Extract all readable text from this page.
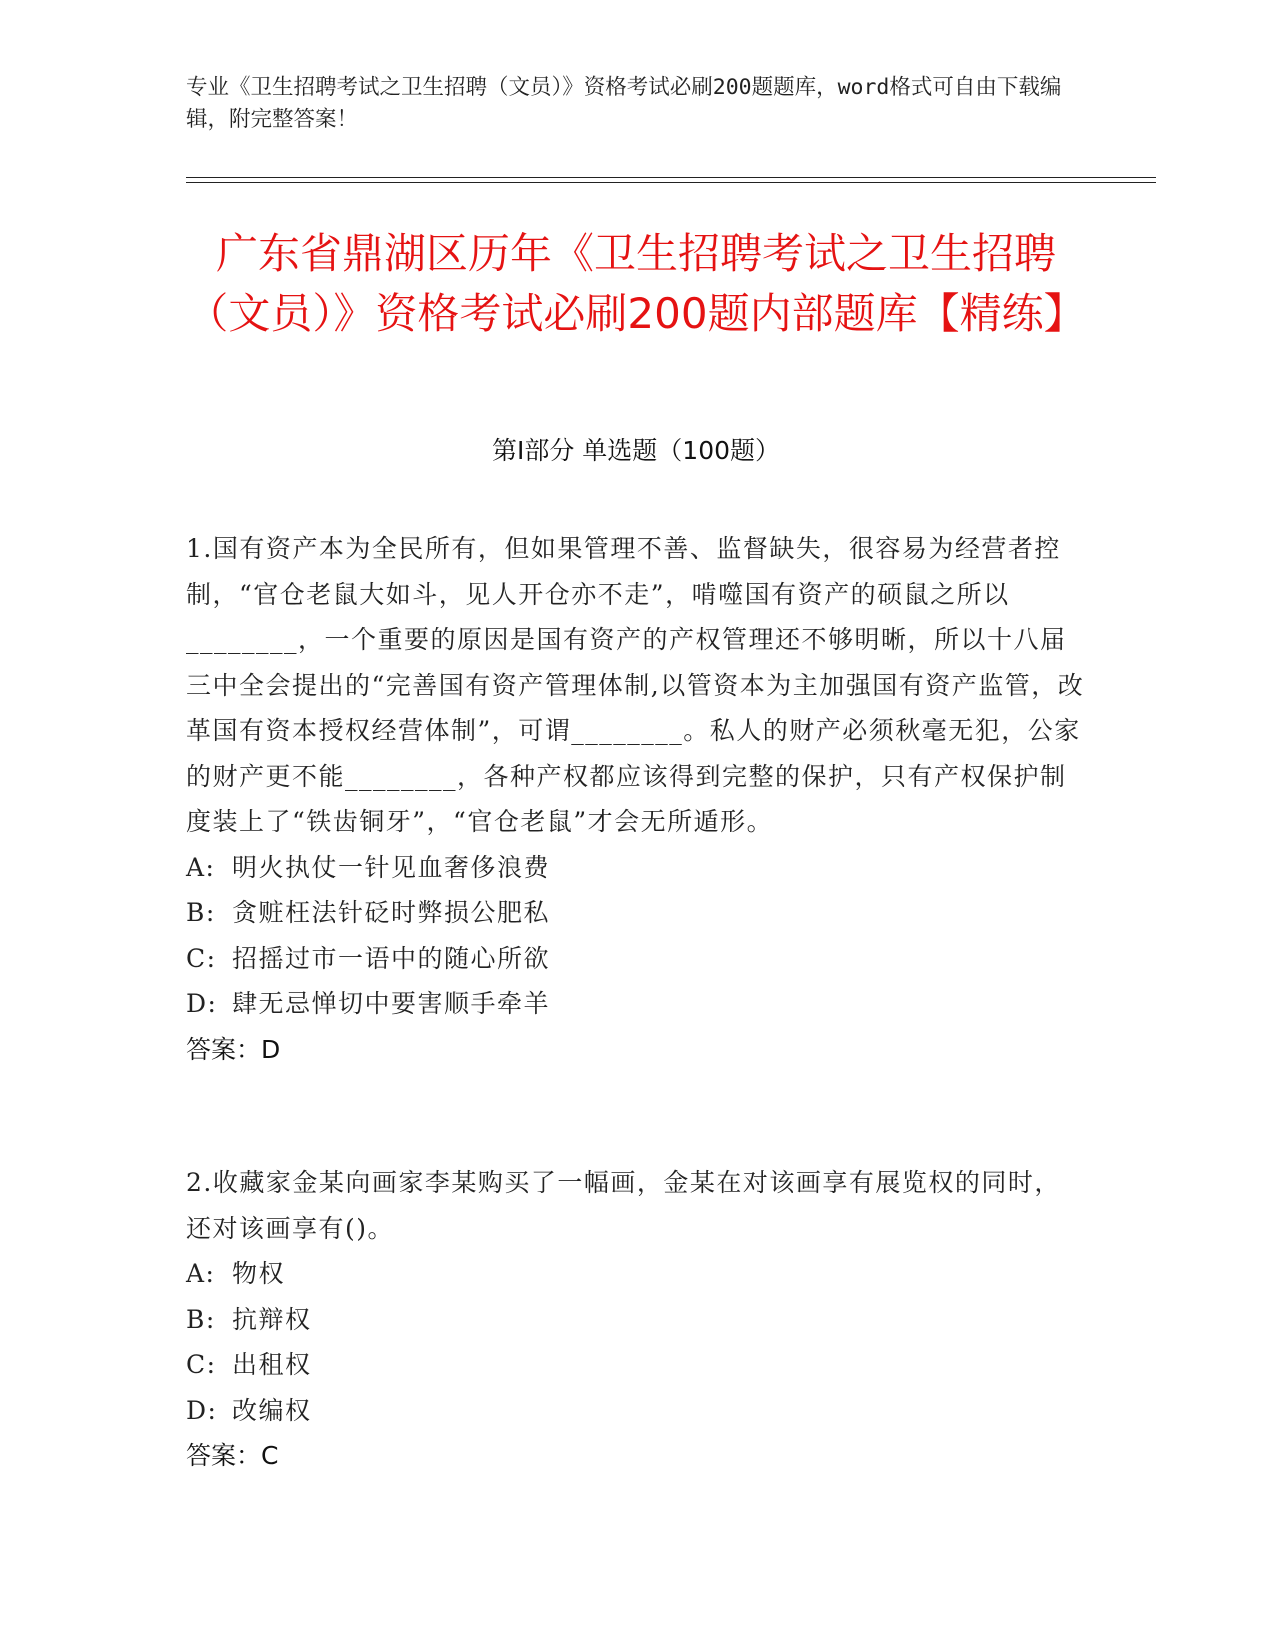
专业《卫生招聘考试之卫生招聘（文员）》资格考试必刷200题题库，word格式可自由下载编辑，附完整答案！

广东省鼎湖区历年《卫生招聘考试之卫生招聘（文员）》资格考试必刷200题内部题库【精练】
第Ⅰ部分 单选题（100题）

1.国有资产本为全民所有，但如果管理不善、监督缺失，很容易为经营者控制，“官仓老鼠大如斗，见人开仓亦不走”，啃噬国有资产的硕鼠之所以________，一个重要的原因是国有资产的产权管理还不够明晰，所以十八届三中全会提出的“完善国有资产管理体制,以管资本为主加强国有资产监管，改革国有资本授权经营体制”，可谓________。私人的财产必须秋毫无犯，公家的财产更不能________，各种产权都应该得到完整的保护，只有产权保护制度装上了“铁齿铜牙”，“官仓老鼠”才会无所遁形。

A: 明火执仗一针见血奢侈浪费
B: 贪赃枉法针砭时弊损公肥私
C: 招摇过市一语中的随心所欲
D: 肆无忌惮切中要害顺手牵羊

答案：D

2.收藏家金某向画家李某购买了一幅画，金某在对该画享有展览权的同时，还对该画享有()。

A: 物权
B: 抗辩权
C: 出租权
D: 改编权

答案：C
